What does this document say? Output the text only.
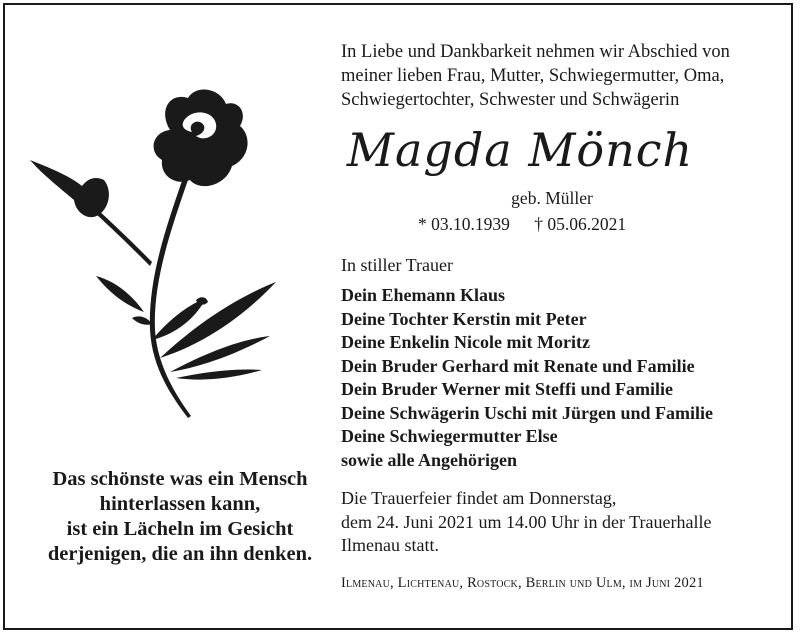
In Liebe und Dankbarkeit nehmen wir Abschied von
meiner lieben Frau, Mutter, Schwiegermutter, Oma,
Schwiegertochter, Schwester und Schwägerin
Magda Mönch
geb. Müller
* 03.10.1939 † 05.06.2021
In stiller Trauer
Dein Ehemann Klaus
Deine Tochter Kerstin mit Peter
Deine Enkelin Nicole mit Moritz
Dein Bruder Gerhard mit Renate und Familie
Dein Bruder Werner mit Steffi und Familie
Deine Schwägerin Uschi mit Jürgen und Familie
Deine Schwiegermutter Else
sowie alle Angehörigen
Die Trauerfeier findet am Donnerstag,
dem 24. Juni 2021 um 14.00 Uhr in der Trauerhalle
Ilmenau statt.
Ilmenau, Lichtenau, Rostock, Berlin und Ulm, im Juni 2021
Das schönste was ein Mensch
hinterlassen kann,
ist ein Lächeln im Gesicht
derjenigen, die an ihn denken.
